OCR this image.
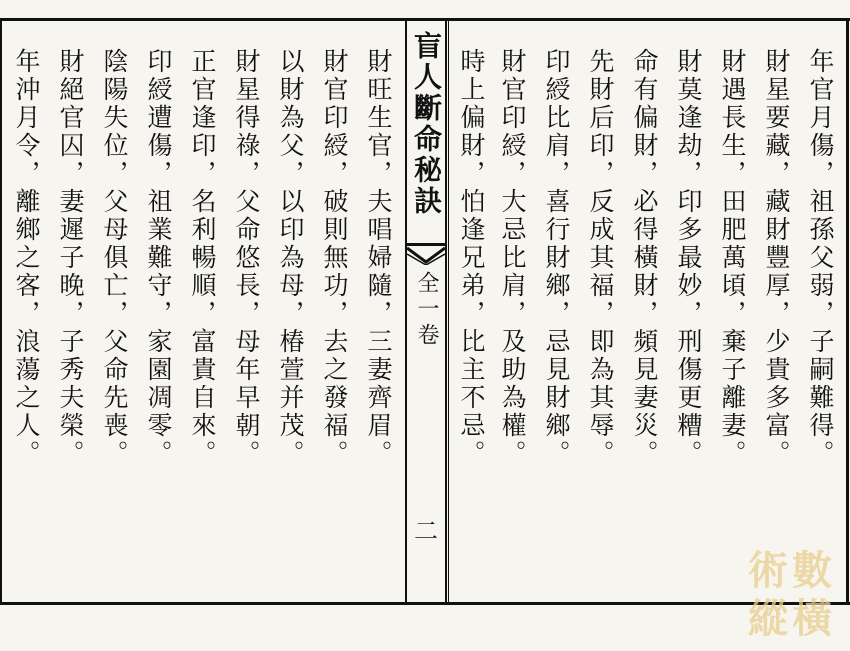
年官月傷，祖孫父弱，子嗣難得。
財星要藏，藏財豐厚，少貴多富。
財遇長生，田肥萬頃，棄子離妻。
財莫逢劫，印多最妙，刑傷更糟。
命有偏財，必得橫財，頻見妻災。
先財后印，反成其福，即為其辱。
印綬比肩，喜行財鄉，忌見財鄉。
財官印綬，大忌比肩，及助為權。
時上偏財，怕逢兄弟，比主不忌。
盲人斷命秘訣
全一卷
二
財旺生官，夫唱婦隨，三妻齊眉。
財官印綬，破則無功，去之發福。
以財為父，以印為母，椿萱并茂。
財星得祿，父命悠長，母年早朝。
正官逢印，名利暢順，富貴自來。
印綬遭傷，祖業難守，家園凋零。
陰陽失位，父母俱亡，父命先喪。
財絕官囚，妻遲子晚，子秀夫榮。
年沖月令，離鄉之客，浪蕩之人。
術 數
縱 橫
